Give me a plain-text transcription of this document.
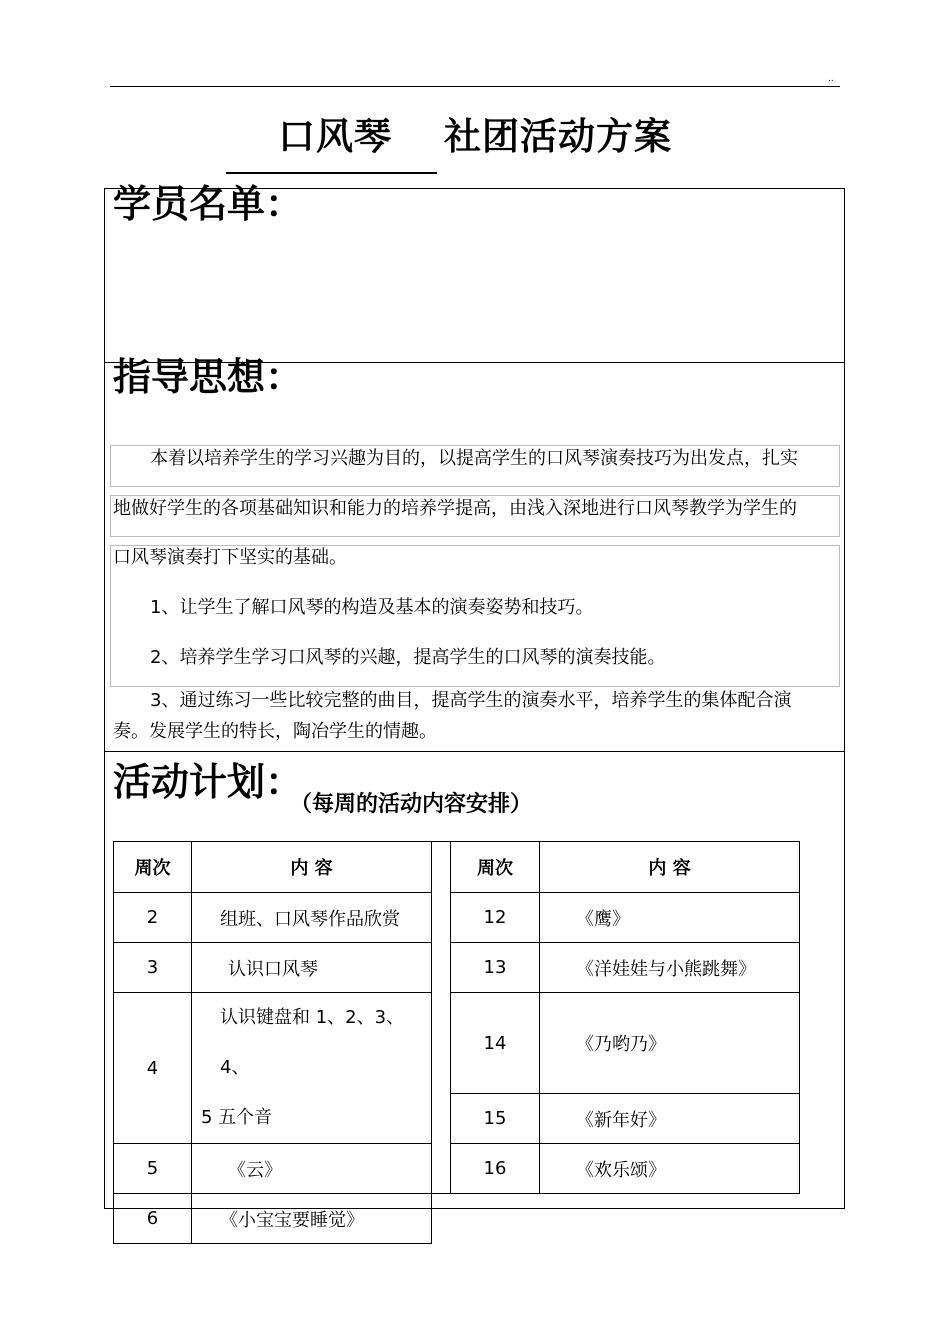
..
口风琴 社团活动方案
学员名单：
指导思想：
本着以培养学生的学习兴趣为目的，以提高学生的口风琴演奏技巧为出发点，扎实
地做好学生的各项基础知识和能力的培养学提高，由浅入深地进行口风琴教学为学生的
口风琴演奏打下坚实的基础。
1、让学生了解口风琴的构造及基本的演奏姿势和技巧。
2、培养学生学习口风琴的兴趣，提高学生的口风琴的演奏技能。
3、通过练习一些比较完整的曲目，提高学生的演奏水平，培养学生的集体配合演
奏。发展学生的特长，陶冶学生的情趣。
活动计划：
（每周的活动内容安排）
周次	内 容
2	组班、口风琴作品欣赏
3	认识口风琴
4	认识键盘和 1、2、3、4、
5 五个音

5	《云》
6	《小宝宝要睡觉》
周次	内 容
12	《鹰》
13	《洋娃娃与小熊跳舞》
14	《乃哟乃》
15	《新年好》
16	《欢乐颂》
